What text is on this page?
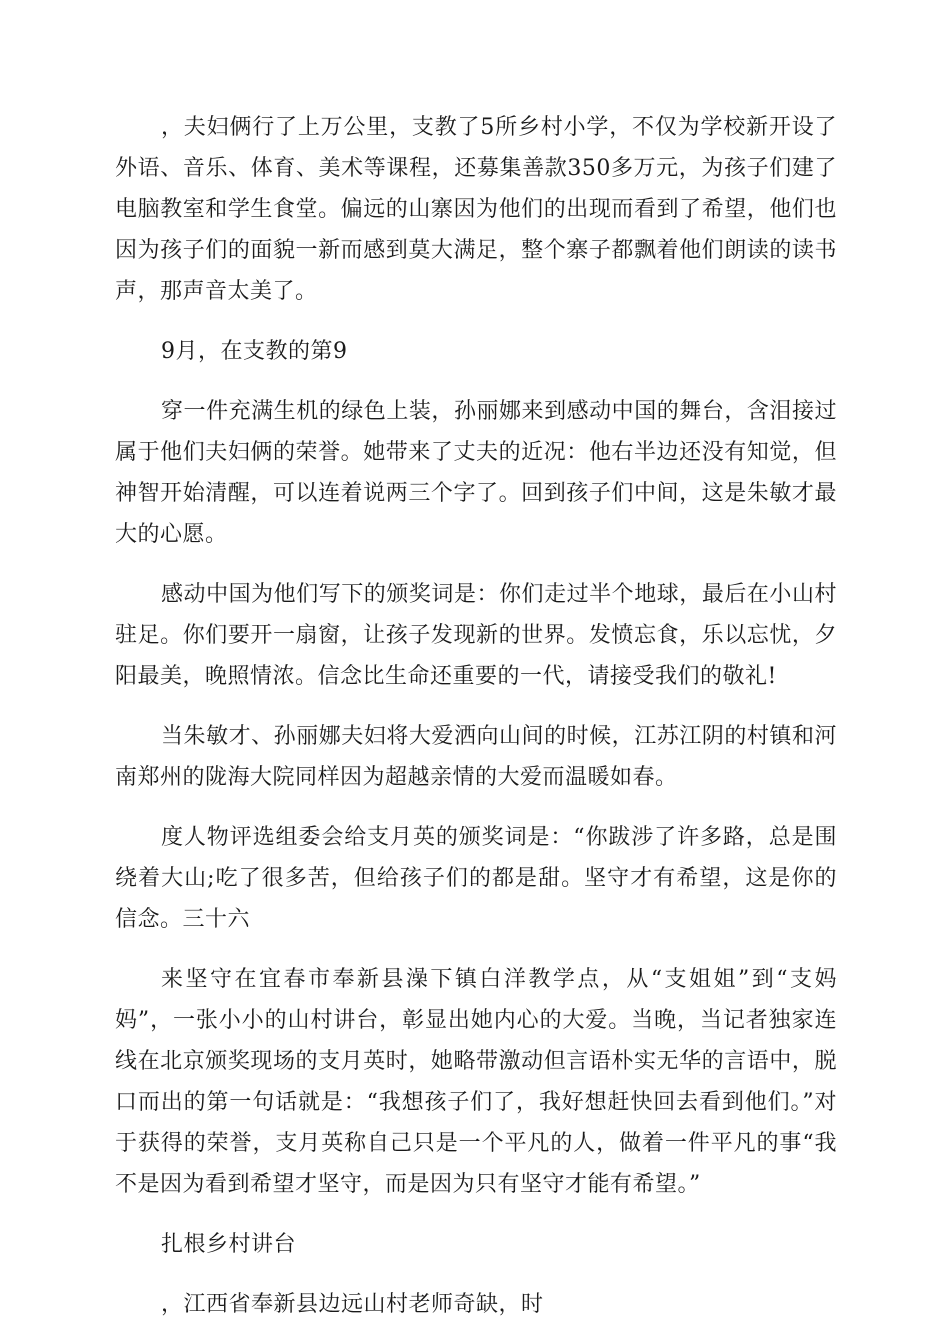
，夫妇俩行了上万公里，支教了5所乡村小学，不仅为学校新开设了外语、音乐、体育、美术等课程，还募集善款350多万元，为孩子们建了电脑教室和学生食堂。偏远的山寨因为他们的出现而看到了希望，他们也因为孩子们的面貌一新而感到莫大满足，整个寨子都飘着他们朗读的读书声，那声音太美了。

9月，在支教的第9

穿一件充满生机的绿色上装，孙丽娜来到感动中国的舞台，含泪接过属于他们夫妇俩的荣誉。她带来了丈夫的近况：他右半边还没有知觉，但神智开始清醒，可以连着说两三个字了。回到孩子们中间，这是朱敏才最大的心愿。

感动中国为他们写下的颁奖词是：你们走过半个地球，最后在小山村驻足。你们要开一扇窗，让孩子发现新的世界。发愤忘食，乐以忘忧，夕阳最美，晚照情浓。信念比生命还重要的一代，请接受我们的敬礼!

当朱敏才、孙丽娜夫妇将大爱洒向山间的时候，江苏江阴的村镇和河南郑州的陇海大院同样因为超越亲情的大爱而温暖如春。

度人物评选组委会给支月英的颁奖词是：“你跋涉了许多路，总是围绕着大山;吃了很多苦，但给孩子们的都是甜。坚守才有希望，这是你的信念。三十六

来坚守在宜春市奉新县澡下镇白洋教学点，从“支姐姐”到“支妈妈”，一张小小的山村讲台，彰显出她内心的大爱。当晚，当记者独家连线在北京颁奖现场的支月英时，她略带激动但言语朴实无华的言语中，脱口而出的第一句话就是：“我想孩子们了，我好想赶快回去看到他们。”对于获得的荣誉，支月英称自己只是一个平凡的人，做着一件平凡的事“我不是因为看到希望才坚守，而是因为只有坚守才能有希望。”

扎根乡村讲台

，江西省奉新县边远山村老师奇缺，时
